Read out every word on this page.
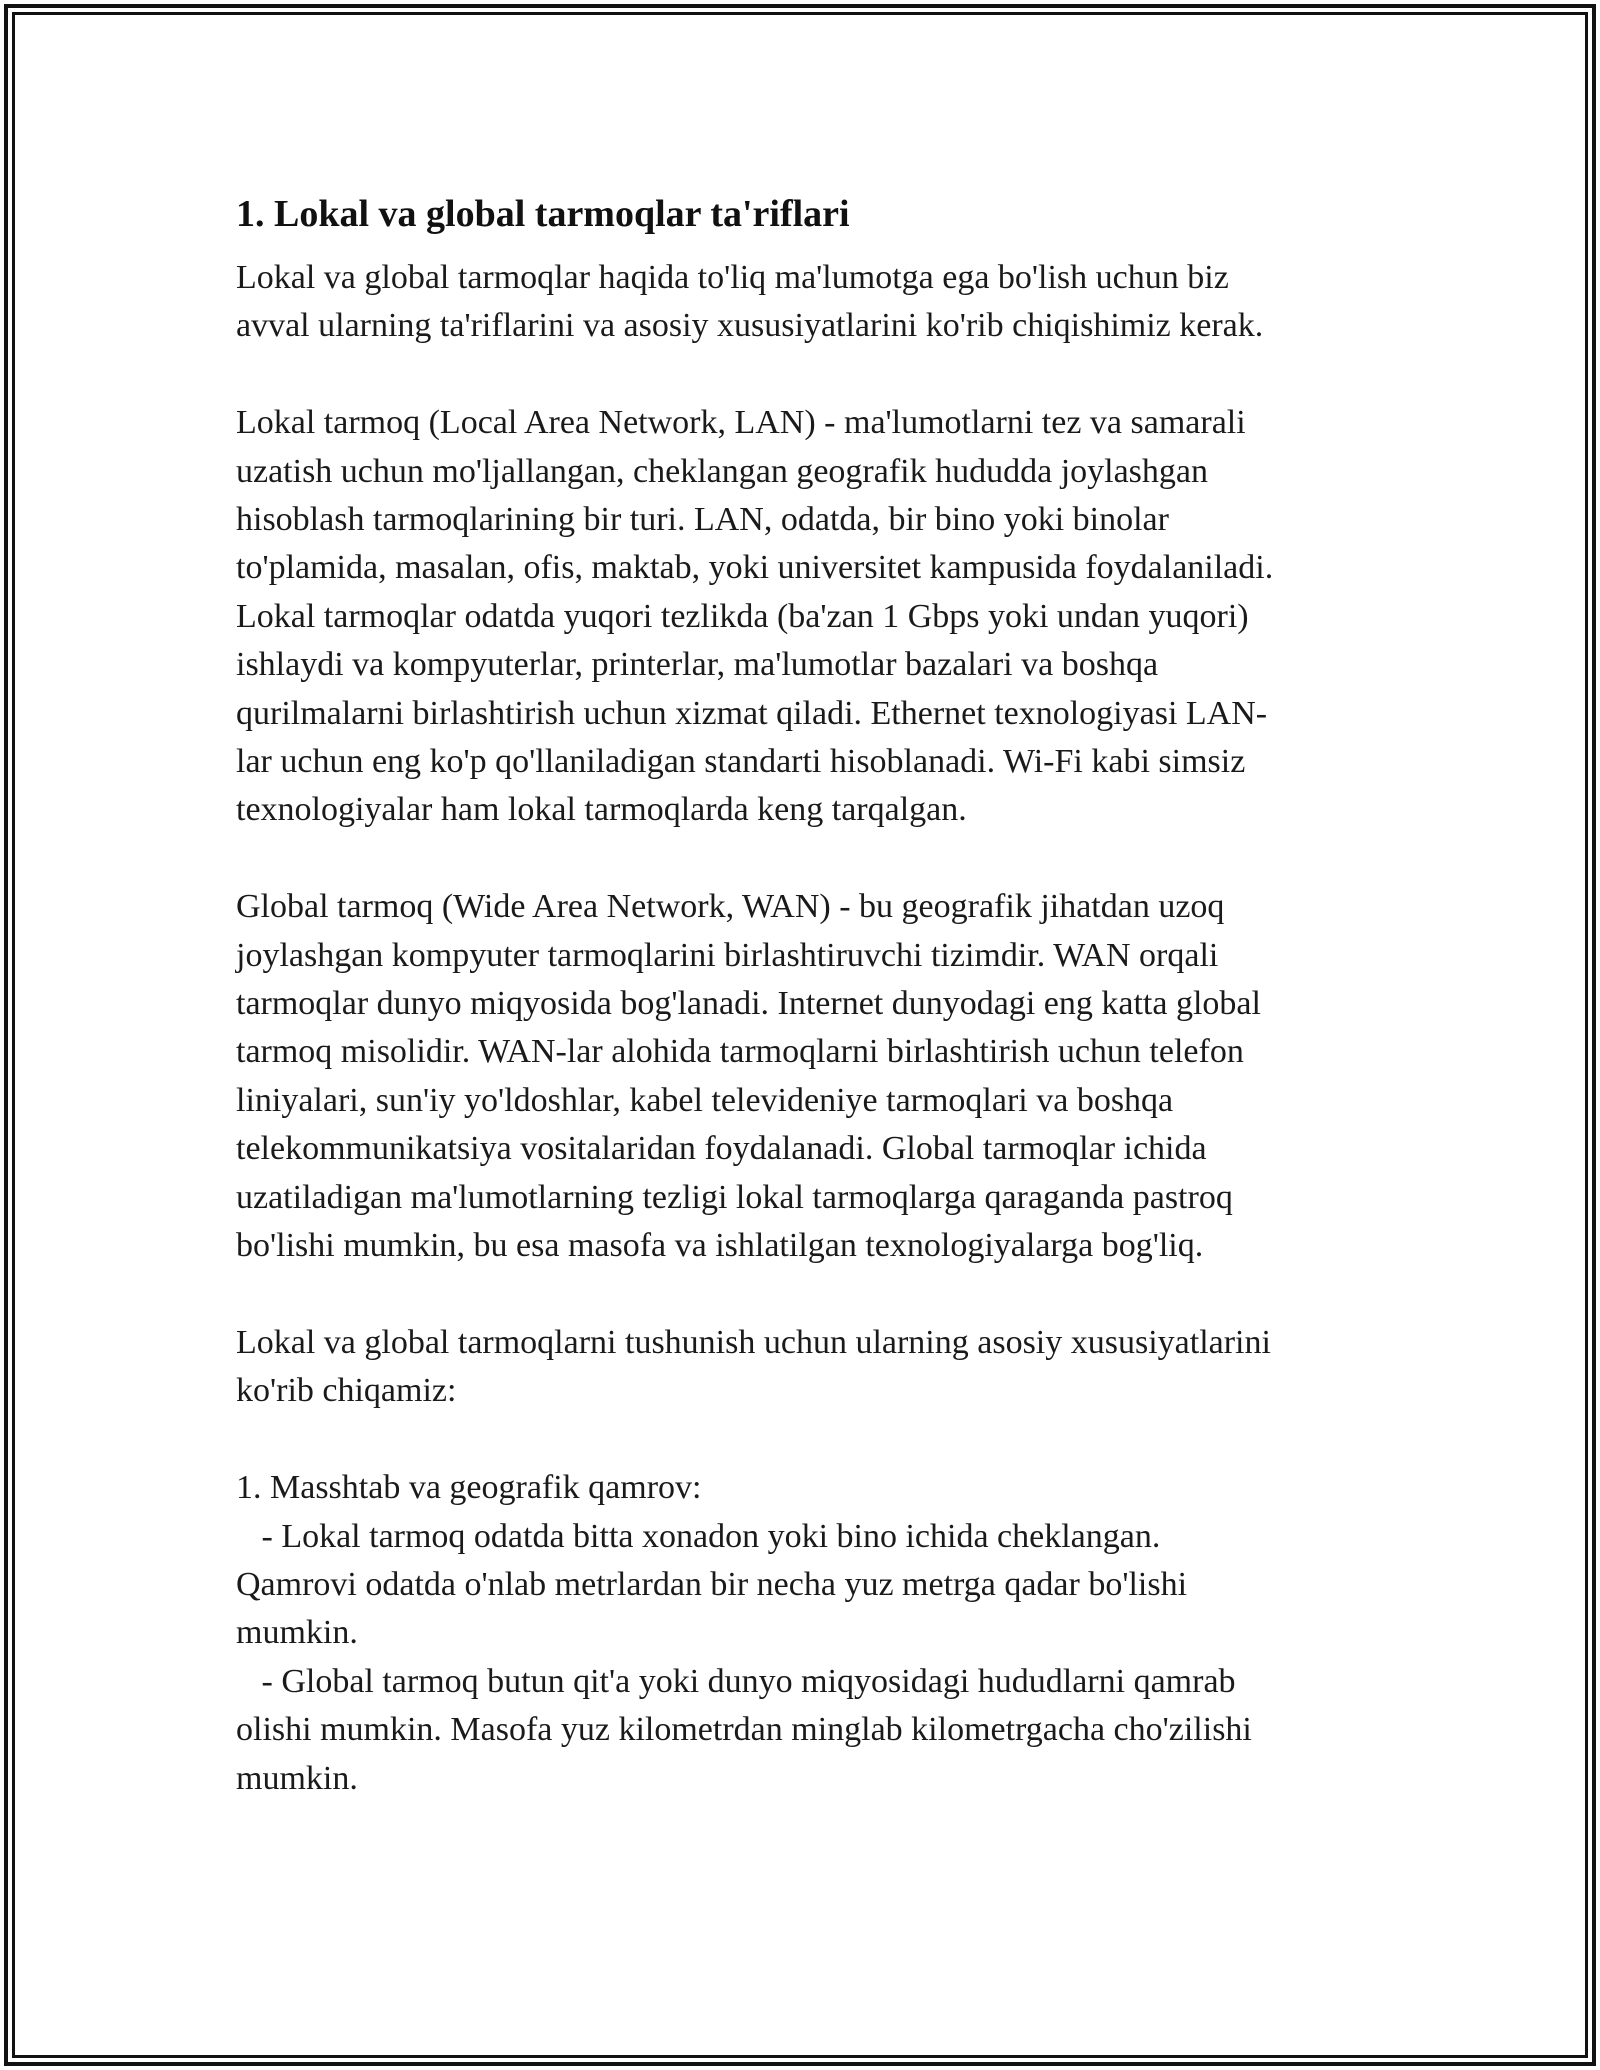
1. Lokal va global tarmoqlar ta'riflari

Lokal va global tarmoqlar haqida to'liq ma'lumotga ega bo'lish uchun biz
avval ularning ta'riflarini va asosiy xususiyatlarini ko'rib chiqishimiz kerak.

Lokal tarmoq (Local Area Network, LAN) - ma'lumotlarni tez va samarali
uzatish uchun mo'ljallangan, cheklangan geografik hududda joylashgan
hisoblash tarmoqlarining bir turi. LAN, odatda, bir bino yoki binolar
to'plamida, masalan, ofis, maktab, yoki universitet kampusida foydalaniladi.
Lokal tarmoqlar odatda yuqori tezlikda (ba'zan 1 Gbps yoki undan yuqori)
ishlaydi va kompyuterlar, printerlar, ma'lumotlar bazalari va boshqa
qurilmalarni birlashtirish uchun xizmat qiladi. Ethernet texnologiyasi LAN-
lar uchun eng ko'p qo'llaniladigan standarti hisoblanadi. Wi-Fi kabi simsiz
texnologiyalar ham lokal tarmoqlarda keng tarqalgan.

Global tarmoq (Wide Area Network, WAN) - bu geografik jihatdan uzoq
joylashgan kompyuter tarmoqlarini birlashtiruvchi tizimdir. WAN orqali
tarmoqlar dunyo miqyosida bog'lanadi. Internet dunyodagi eng katta global
tarmoq misolidir. WAN-lar alohida tarmoqlarni birlashtirish uchun telefon
liniyalari, sun'iy yo'ldoshlar, kabel televideniye tarmoqlari va boshqa
telekommunikatsiya vositalaridan foydalanadi. Global tarmoqlar ichida
uzatiladigan ma'lumotlarning tezligi lokal tarmoqlarga qaraganda pastroq
bo'lishi mumkin, bu esa masofa va ishlatilgan texnologiyalarga bog'liq.

Lokal va global tarmoqlarni tushunish uchun ularning asosiy xususiyatlarini
ko'rib chiqamiz:

1. Masshtab va geografik qamrov:
- Lokal tarmoq odatda bitta xonadon yoki bino ichida cheklangan.
Qamrovi odatda o'nlab metrlardan bir necha yuz metrga qadar bo'lishi
mumkin.
- Global tarmoq butun qit'a yoki dunyo miqyosidagi hududlarni qamrab
olishi mumkin. Masofa yuz kilometrdan minglab kilometrgacha cho'zilishi
mumkin.
